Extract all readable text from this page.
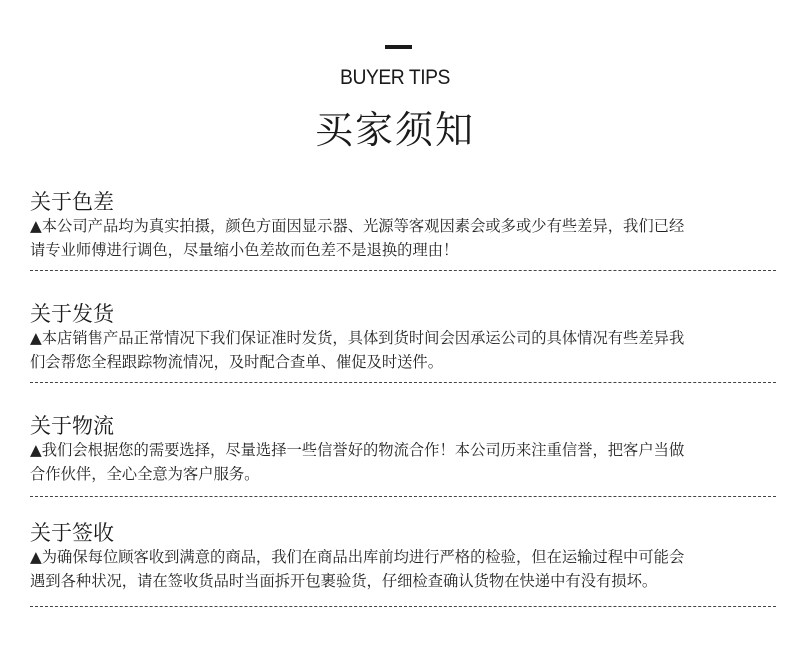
BUYER TIPS
买家须知
关于色差
▲本公司产品均为真实拍摄，颜色方面因显示器、光源等客观因素会或多或少有些差异，我们已经
请专业师傅进行调色，尽量缩小色差故而色差不是退换的理由！
关于发货
▲本店销售产品正常情况下我们保证准时发货，具体到货时间会因承运公司的具体情况有些差异我
们会帮您全程跟踪物流情况，及时配合查单、催促及时送件。
关于物流
▲我们会根据您的需要选择，尽量选择一些信誉好的物流合作！本公司历来注重信誉，把客户当做
合作伙伴，全心全意为客户服务。
关于签收
▲为确保每位顾客收到满意的商品，我们在商品出库前均进行严格的检验，但在运输过程中可能会
遇到各种状况，请在签收货品时当面拆开包裹验货，仔细检查确认货物在快递中有没有损坏。
